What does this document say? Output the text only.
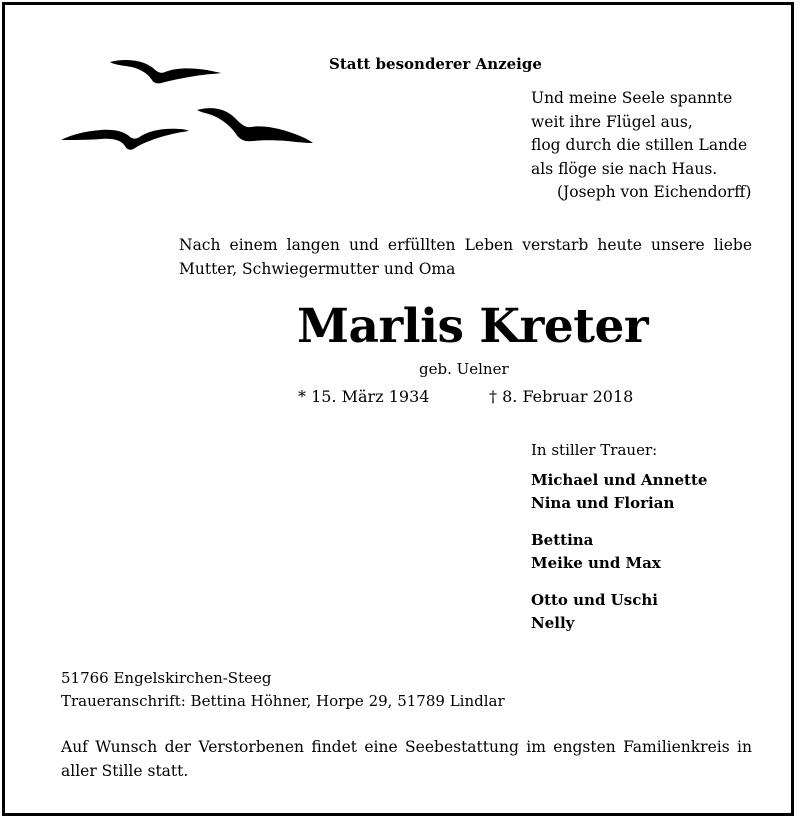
Statt besonderer Anzeige
Und meine Seele spannte
weit ihre Flügel aus,
flog durch die stillen Lande
als flöge sie nach Haus.
(Joseph von Eichendorff)
Nach einem langen und erfüllten Leben verstarb heute unsere liebe Mutter, Schwiegermutter und Oma
Marlis Kreter
geb. Uelner
* 15. März 1934	† 8. Februar 2018
In stiller Trauer:
Michael und Annette
Nina und Florian
Bettina
Meike und Max
Otto und Uschi
Nelly
51766 Engelskirchen-Steeg
Traueranschrift: Bettina Höhner, Horpe 29, 51789 Lindlar
Auf Wunsch der Verstorbenen findet eine Seebestattung im engsten Familienkreis in aller Stille statt.
